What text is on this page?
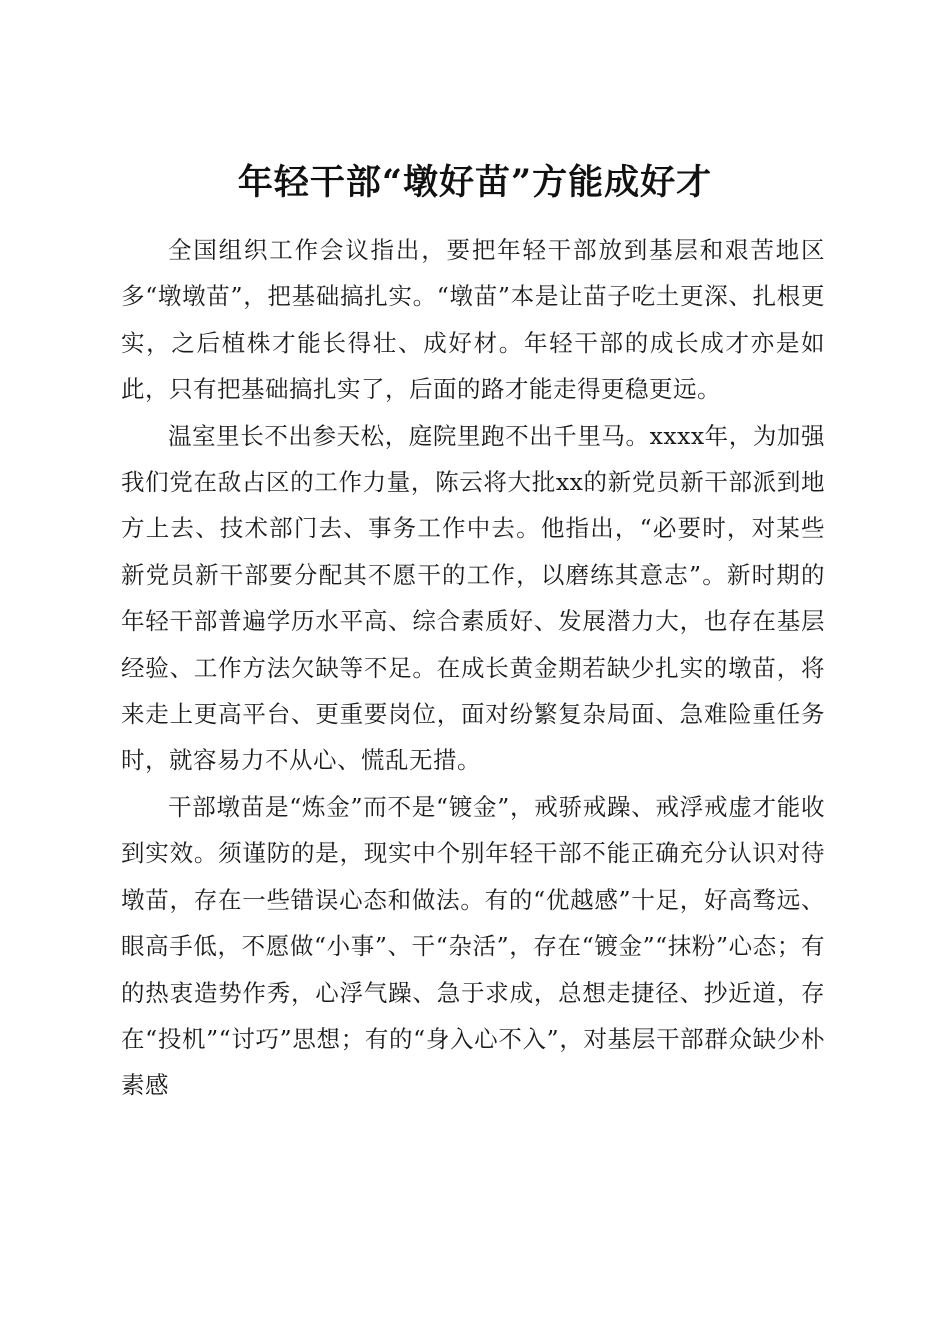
年轻干部“墩好苗”方能成好才

全国组织工作会议指出，要把年轻干部放到基层和艰苦地区多“墩墩苗”，把基础搞扎实。“墩苗”本是让苗子吃土更深、扎根更实，之后植株才能长得壮、成好材。年轻干部的成长成才亦是如此，只有把基础搞扎实了，后面的路才能走得更稳更远。

温室里长不出参天松，庭院里跑不出千里马。xxxx年，为加强我们党在敌占区的工作力量，陈云将大批xx的新党员新干部派到地方上去、技术部门去、事务工作中去。他指出，“必要时，对某些新党员新干部要分配其不愿干的工作，以磨练其意志”。新时期的年轻干部普遍学历水平高、综合素质好、发展潜力大，也存在基层经验、工作方法欠缺等不足。在成长黄金期若缺少扎实的墩苗，将来走上更高平台、更重要岗位，面对纷繁复杂局面、急难险重任务时，就容易力不从心、慌乱无措。

干部墩苗是“炼金”而不是“镀金”，戒骄戒躁、戒浮戒虚才能收到实效。须谨防的是，现实中个别年轻干部不能正确充分认识对待墩苗，存在一些错误心态和做法。有的“优越感”十足，好高骛远、眼高手低，不愿做“小事”、干“杂活”，存在“镀金”“抹粉”心态；有的热衷造势作秀，心浮气躁、急于求成，总想走捷径、抄近道，存在“投机”“讨巧”思想；有的“身入心不入”，对基层干部群众缺少朴素感
